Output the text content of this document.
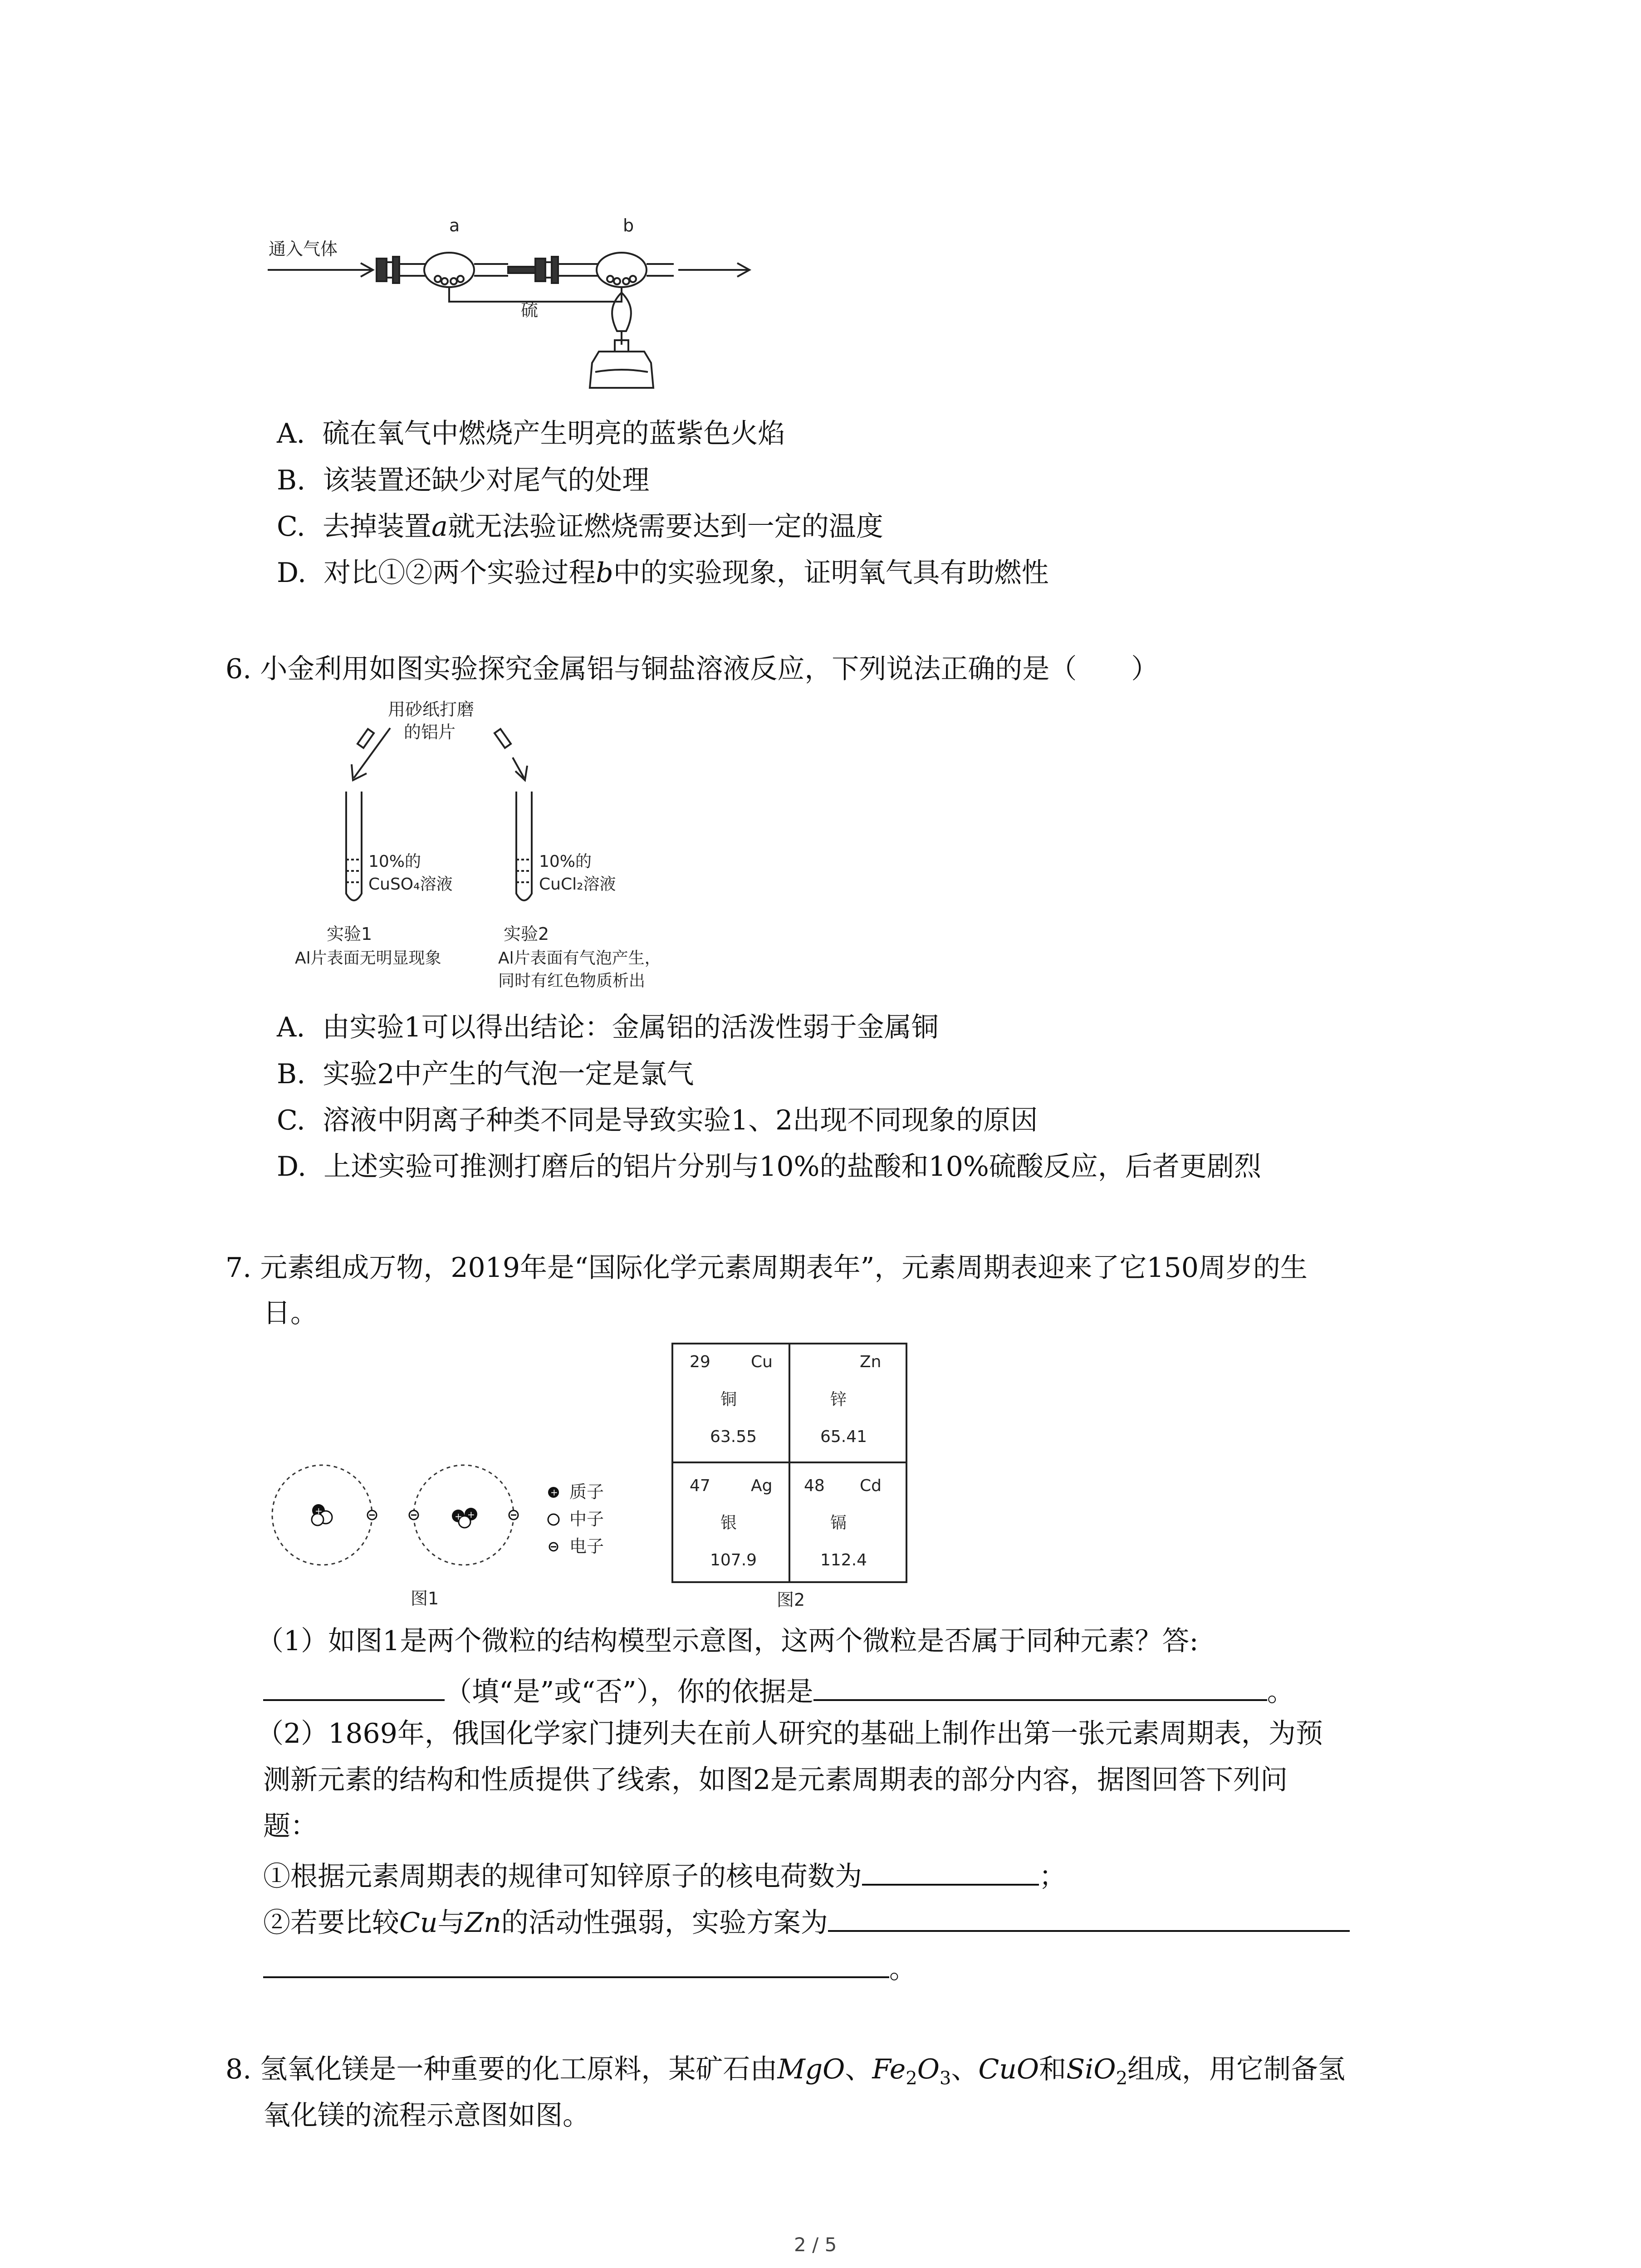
通入气体
a	b
硫
A. 硫在氧气中燃烧产生明亮的蓝紫色火焰
B. 该装置还缺少对尾气的处理
C. 去掉装置a就无法验证燃烧需要达到一定的温度
D. 对比①②两个实验过程b中的实验现象，证明氧气具有助燃性
6. 小金利用如图实验探究金属铝与铜盐溶液反应，下列说法正确的是（　　）
用砂纸打磨
的铝片
10%的
CuSO₄溶液
10%的
CuCl₂溶液
实验1
Al片表面无明显现象
实验2
Al片表面有气泡产生，
同时有红色物质析出
A. 由实验1可以得出结论：金属铝的活泼性弱于金属铜
B. 实验2中产生的气泡一定是氯气
C. 溶液中阴离子种类不同是导致实验1、2出现不同现象的原因
D. 上述实验可推测打磨后的铝片分别与10%的盐酸和10%硫酸反应，后者更剧烈
7. 元素组成万物，2019年是“国际化学元素周期表年”，元素周期表迎来了它150周岁的生
日。
+	+ +
+ 质子
中子
电子
图1
29 Cu
铜
63.55
Zn
锌
65.41
47 Ag
银
107.9
48 Cd
镉
112.4
图2
（1）如图1是两个微粒的结构模型示意图，这两个微粒是否属于同种元素？答:
（填“是”或“否”），你的依据是	。
（2）1869年，俄国化学家门捷列夫在前人研究的基础上制作出第一张元素周期表，为预
测新元素的结构和性质提供了线索，如图2是元素周期表的部分内容，据图回答下列问
题：
①根据元素周期表的规律可知锌原子的核电荷数为	；
②若要比较Cu与Zn的活动性强弱，实验方案为
。
8. 氢氧化镁是一种重要的化工原料，某矿石由MgO、$Fe_2O_3$、CuO和SiO$_2$组成，用它制备氢
氧化镁的流程示意图如图。
2 / 5
